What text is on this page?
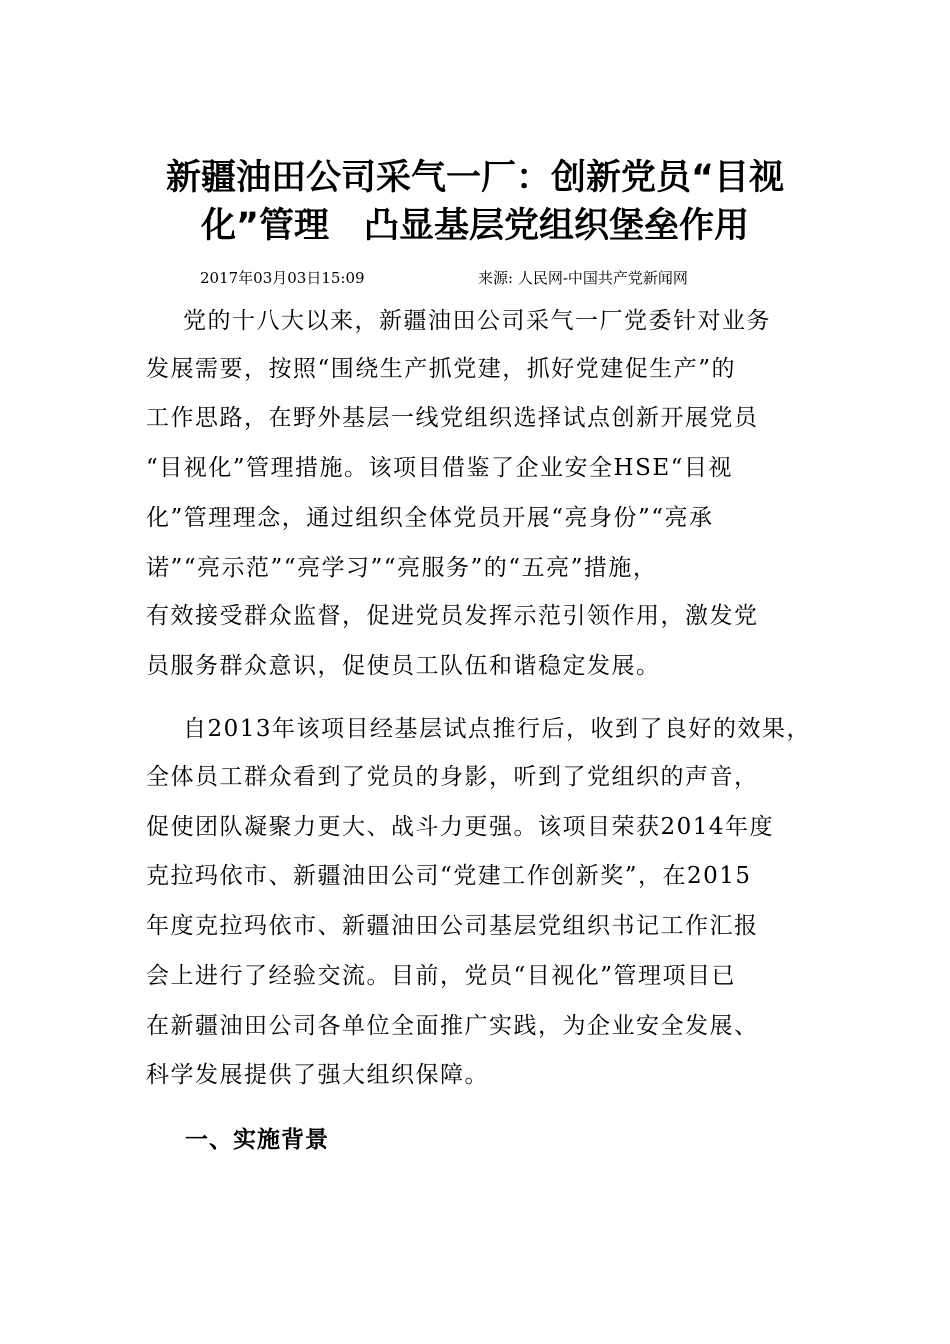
新疆油田公司采气一厂：创新党员“目视
化”管理　凸显基层党组织堡垒作用
2017年03月03日15:09	来源: 人民网-中国共产党新闻网
党的十八大以来，新疆油田公司采气一厂党委针对业务
发展需要，按照“围绕生产抓党建，抓好党建促生产”的
工作思路，在野外基层一线党组织选择试点创新开展党员
“目视化”管理措施。该项目借鉴了企业安全HSE“目视
化”管理理念，通过组织全体党员开展“亮身份”“亮承
诺”“亮示范”“亮学习”“亮服务”的“五亮”措施，
有效接受群众监督，促进党员发挥示范引领作用，激发党
员服务群众意识，促使员工队伍和谐稳定发展。
自2013年该项目经基层试点推行后，收到了良好的效果，
全体员工群众看到了党员的身影，听到了党组织的声音，
促使团队凝聚力更大、战斗力更强。该项目荣获2014年度
克拉玛依市、新疆油田公司“党建工作创新奖”，在2015
年度克拉玛依市、新疆油田公司基层党组织书记工作汇报
会上进行了经验交流。目前，党员“目视化”管理项目已
在新疆油田公司各单位全面推广实践，为企业安全发展、
科学发展提供了强大组织保障。
一、实施背景
